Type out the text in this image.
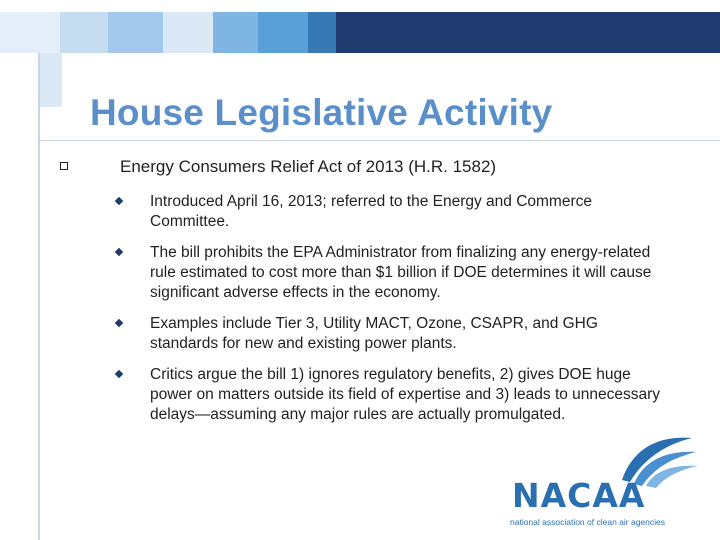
House Legislative Activity
Energy Consumers Relief Act of 2013 (H.R. 1582)
Introduced April 16, 2013; referred to the Energy and Commerce Committee.
The bill prohibits the EPA Administrator from finalizing any energy-related rule estimated to cost more than $1 billion if DOE determines it will cause significant adverse effects in the economy.
Examples include Tier 3, Utility MACT, Ozone, CSAPR, and GHG standards for new and existing power plants.
Critics argue the bill 1) ignores regulatory benefits, 2) gives DOE huge power on matters outside its field of expertise and 3) leads to unnecessary delays—assuming any major rules are actually promulgated.
NACAA
national association of clean air agencies
